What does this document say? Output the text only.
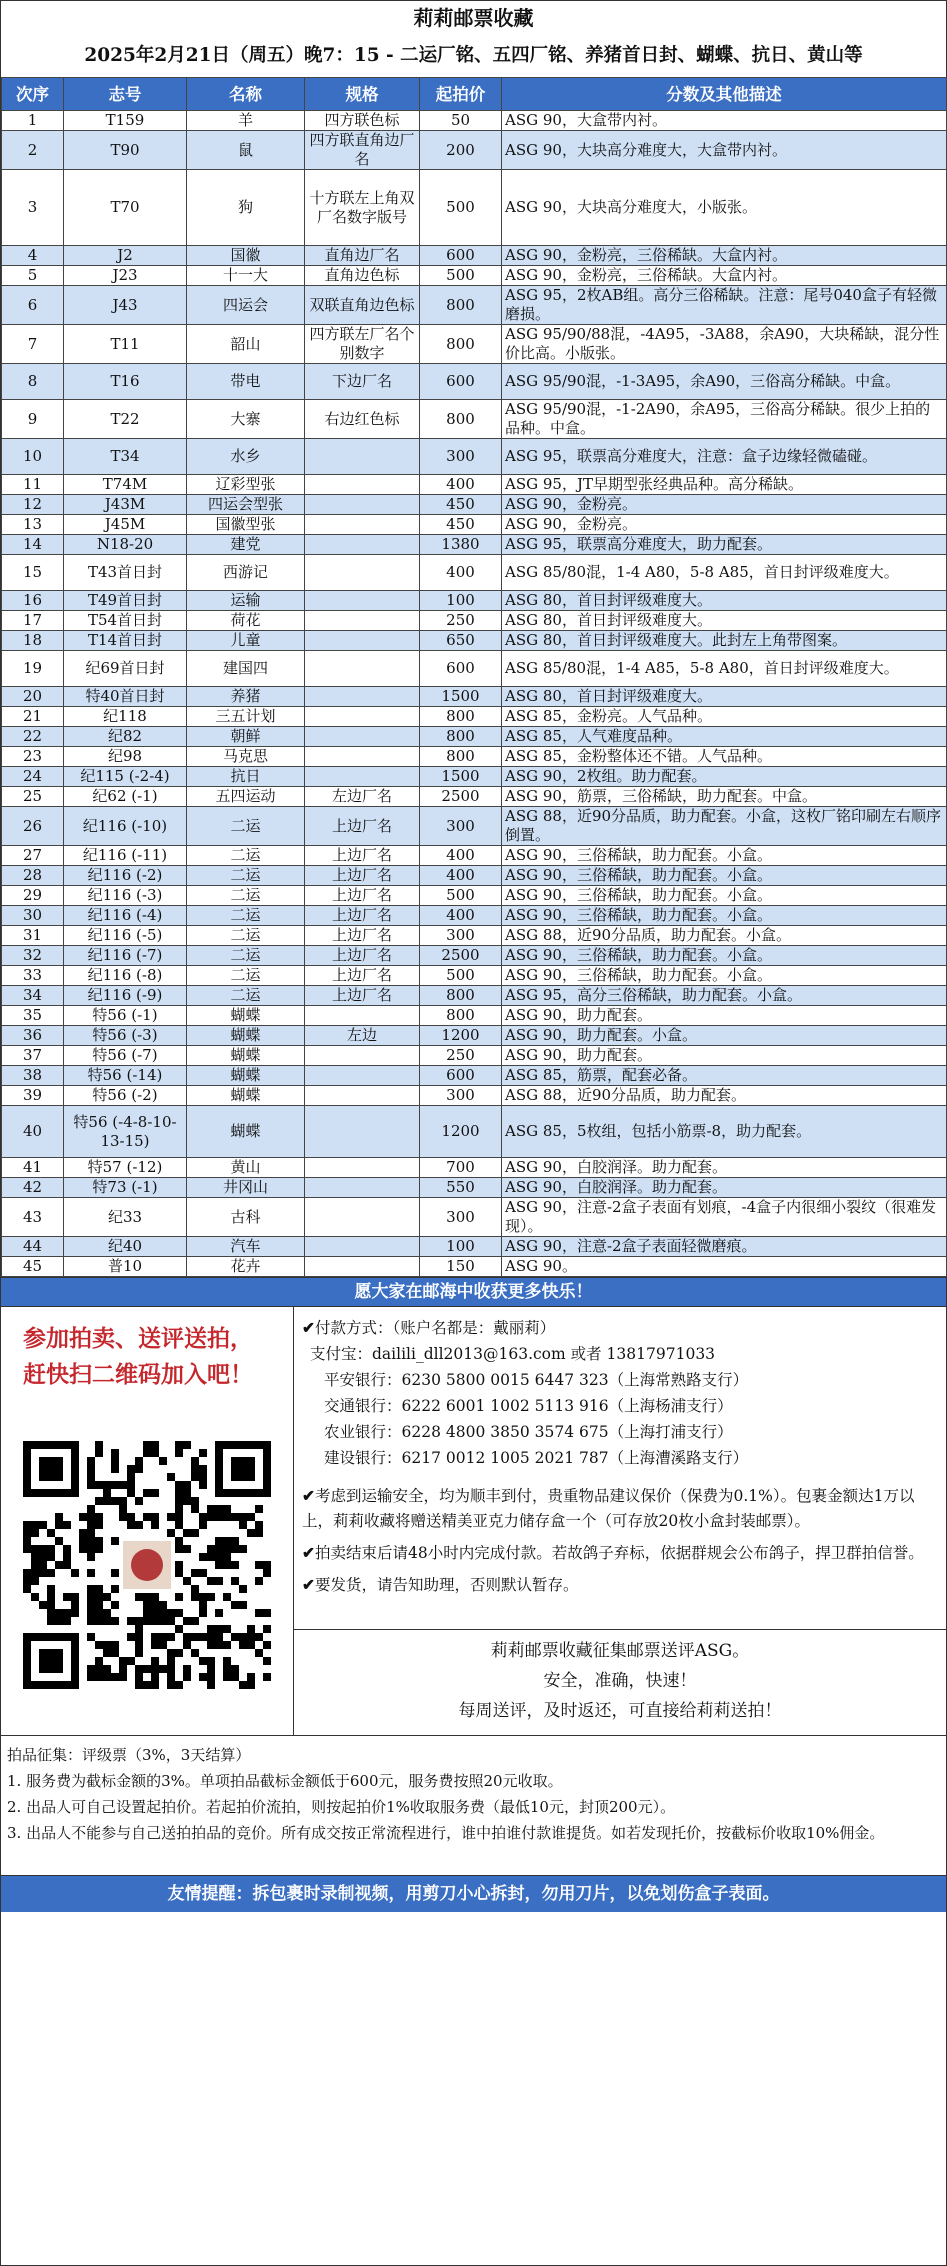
莉莉邮票收藏
2025年2月21日（周五）晚7：15 - 二运厂铭、五四厂铭、养猪首日封、蝴蝶、抗日、黄山等
次序	志号	名称	规格	起拍价	分数及其他描述
1	T159	羊	四方联色标	50	ASG 90，大盒带内衬。
2	T90	鼠	四方联直角边厂名	200	ASG 90，大块高分难度大，大盒带内衬。
3	T70	狗	十方联左上角双厂名数字版号	500	ASG 90，大块高分难度大，小版张。
4	J2	国徽	直角边厂名	600	ASG 90，金粉亮，三俗稀缺。大盒内衬。
5	J23	十一大	直角边色标	500	ASG 90，金粉亮，三俗稀缺。大盒内衬。
6	J43	四运会	双联直角边色标	800	ASG 95，2枚AB组。高分三俗稀缺。注意：尾号040盒子有轻微磨损。
7	T11	韶山	四方联左厂名个别数字	800	ASG 95/90/88混，-4A95，-3A88，余A90，大块稀缺，混分性价比高。小版张。
8	T16	带电	下边厂名	600	ASG 95/90混，-1-3A95，余A90，三俗高分稀缺。中盒。
9	T22	大寨	右边红色标	800	ASG 95/90混，-1-2A90，余A95，三俗高分稀缺。很少上拍的品种。中盒。
10	T34	水乡		300	ASG 95，联票高分难度大，注意：盒子边缘轻微磕碰。
11	T74M	辽彩型张		400	ASG 95，JT早期型张经典品种。高分稀缺。
12	J43M	四运会型张		450	ASG 90，金粉亮。
13	J45M	国徽型张		450	ASG 90，金粉亮。
14	N18-20	建党		1380	ASG 95，联票高分难度大，助力配套。
15	T43首日封	西游记		400	ASG 85/80混，1-4 A80，5-8 A85，首日封评级难度大。
16	T49首日封	运输		100	ASG 80，首日封评级难度大。
17	T54首日封	荷花		250	ASG 80，首日封评级难度大。
18	T14首日封	儿童		650	ASG 80，首日封评级难度大。此封左上角带图案。
19	纪69首日封	建国四		600	ASG 85/80混，1-4 A85，5-8 A80，首日封评级难度大。
20	特40首日封	养猪		1500	ASG 80，首日封评级难度大。
21	纪118	三五计划		800	ASG 85，金粉亮。人气品种。
22	纪82	朝鲜		800	ASG 85，人气难度品种。
23	纪98	马克思		800	ASG 85，金粉整体还不错。人气品种。
24	纪115 (-2-4)	抗日		1500	ASG 90，2枚组。助力配套。
25	纪62 (-1)	五四运动	左边厂名	2500	ASG 90，筋票，三俗稀缺，助力配套。中盒。
26	纪116 (-10)	二运	上边厂名	300	ASG 88，近90分品质，助力配套。小盒，这枚厂铭印刷左右顺序倒置。
27	纪116 (-11)	二运	上边厂名	400	ASG 90，三俗稀缺，助力配套。小盒。
28	纪116 (-2)	二运	上边厂名	400	ASG 90，三俗稀缺，助力配套。小盒。
29	纪116 (-3)	二运	上边厂名	500	ASG 90，三俗稀缺，助力配套。小盒。
30	纪116 (-4)	二运	上边厂名	400	ASG 90，三俗稀缺，助力配套。小盒。
31	纪116 (-5)	二运	上边厂名	300	ASG 88，近90分品质，助力配套。小盒。
32	纪116 (-7)	二运	上边厂名	2500	ASG 90，三俗稀缺，助力配套。小盒。
33	纪116 (-8)	二运	上边厂名	500	ASG 90，三俗稀缺，助力配套。小盒。
34	纪116 (-9)	二运	上边厂名	800	ASG 95，高分三俗稀缺，助力配套。小盒。
35	特56 (-1)	蝴蝶		800	ASG 90，助力配套。
36	特56 (-3)	蝴蝶	左边	1200	ASG 90，助力配套。小盒。
37	特56 (-7)	蝴蝶		250	ASG 90，助力配套。
38	特56 (-14)	蝴蝶		600	ASG 85，筋票，配套必备。
39	特56 (-2)	蝴蝶		300	ASG 88，近90分品质，助力配套。
40	特56 (-4-8-10-13-15)	蝴蝶		1200	ASG 85，5枚组，包括小筋票-8，助力配套。
41	特57 (-12)	黄山		700	ASG 90，白胶润泽。助力配套。
42	特73 (-1)	井冈山		550	ASG 90，白胶润泽。助力配套。
43	纪33	古科		300	ASG 90，注意-2盒子表面有划痕，-4盒子内很细小裂纹（很难发现）。
44	纪40	汽车		100	ASG 90，注意-2盒子表面轻微磨痕。
45	普10	花卉		150	ASG 90。
愿大家在邮海中收获更多快乐！
参加拍卖、送评送拍，
赶快扫二维码加入吧！
✔付款方式：（账户名都是：戴丽莉）
支付宝：dailili_dll2013@163.com 或者 13817971033
平安银行：6230 5800 0015 6447 323（上海常熟路支行）
交通银行：6222 6001 1002 5113 916（上海杨浦支行）
农业银行：6228 4800 3850 3574 675（上海打浦支行）
建设银行：6217 0012 1005 2021 787（上海漕溪路支行）
✔考虑到运输安全，均为顺丰到付，贵重物品建议保价（保费为0.1%）。包裹金额达1万以上，莉莉收藏将赠送精美亚克力储存盒一个（可存放20枚小盒封装邮票）。
✔拍卖结束后请48小时内完成付款。若故鸽子弃标，依据群规会公布鸽子，捍卫群拍信誉。
✔要发货，请告知助理，否则默认暂存。
莉莉邮票收藏征集邮票送评ASG。
安全，准确，快速！
每周送评，及时返还，可直接给莉莉送拍！
拍品征集：评级票（3%，3天结算）
1. 服务费为截标金额的3%。单项拍品截标金额低于600元，服务费按照20元收取。
2. 出品人可自己设置起拍价。若起拍价流拍，则按起拍价1%收取服务费（最低10元，封顶200元）。
3. 出品人不能参与自己送拍拍品的竞价。所有成交按正常流程进行，谁中拍谁付款谁提货。如若发现托价，按截标价收取10%佣金。
友情提醒：拆包裹时录制视频，用剪刀小心拆封，勿用刀片，以免划伤盒子表面。
